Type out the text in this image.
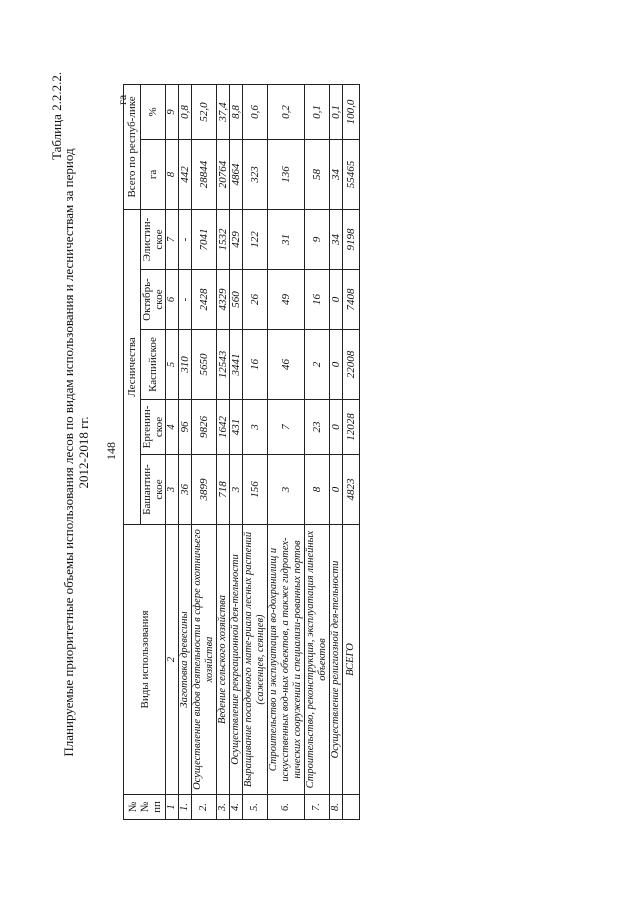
148
Таблица 2.2.2.2.
Планируемые приоритетные объемы использования лесов по видам использования и лесничествам за период 2012-2018 гг.
га
№№ пп	Виды использования	Лесничества					Всего по респуб-лике	
		Башантин-ское	Ергенин-ское	Каспийское	Октябрь-ское	Элистин-ское	га	%
1	2	3	4	5	6	7	8	9
1.	Заготовка древесины	36	96	310	-	-	442	0,8
2.	Осуществление видов деятельности в сфере охотничьего хозяйства	3899	9826	5650	2428	7041	28844	52,0
3.	Ведение сельского хозяйства	718	1642	12543	4329	1532	20764	37,4
4.	Осуществление рекреационной дея-тельности	3	431	3441	560	429	4864	8,8
5.	Выращивание посадочного мате-риала лесных растений (саженцев, сеянцев)	156	3	16	26	122	323	0,6
6.	Строительство и эксплуатация во-дохранилищ и искусственных вод-ных объектов, а также гидротех-нических сооружений и специализи-рованных портов	3	7	46	49	31	136	0,2
7.	Строительство, реконструкция, эксплуатация линейных объектов	8	23	2	16	9	58	0,1
8.	Осуществление религиозной дея-тельности	0	0	0	0	34	34	0,1
	ВСЕГО	4823	12028	22008	7408	9198	55465	100,0
